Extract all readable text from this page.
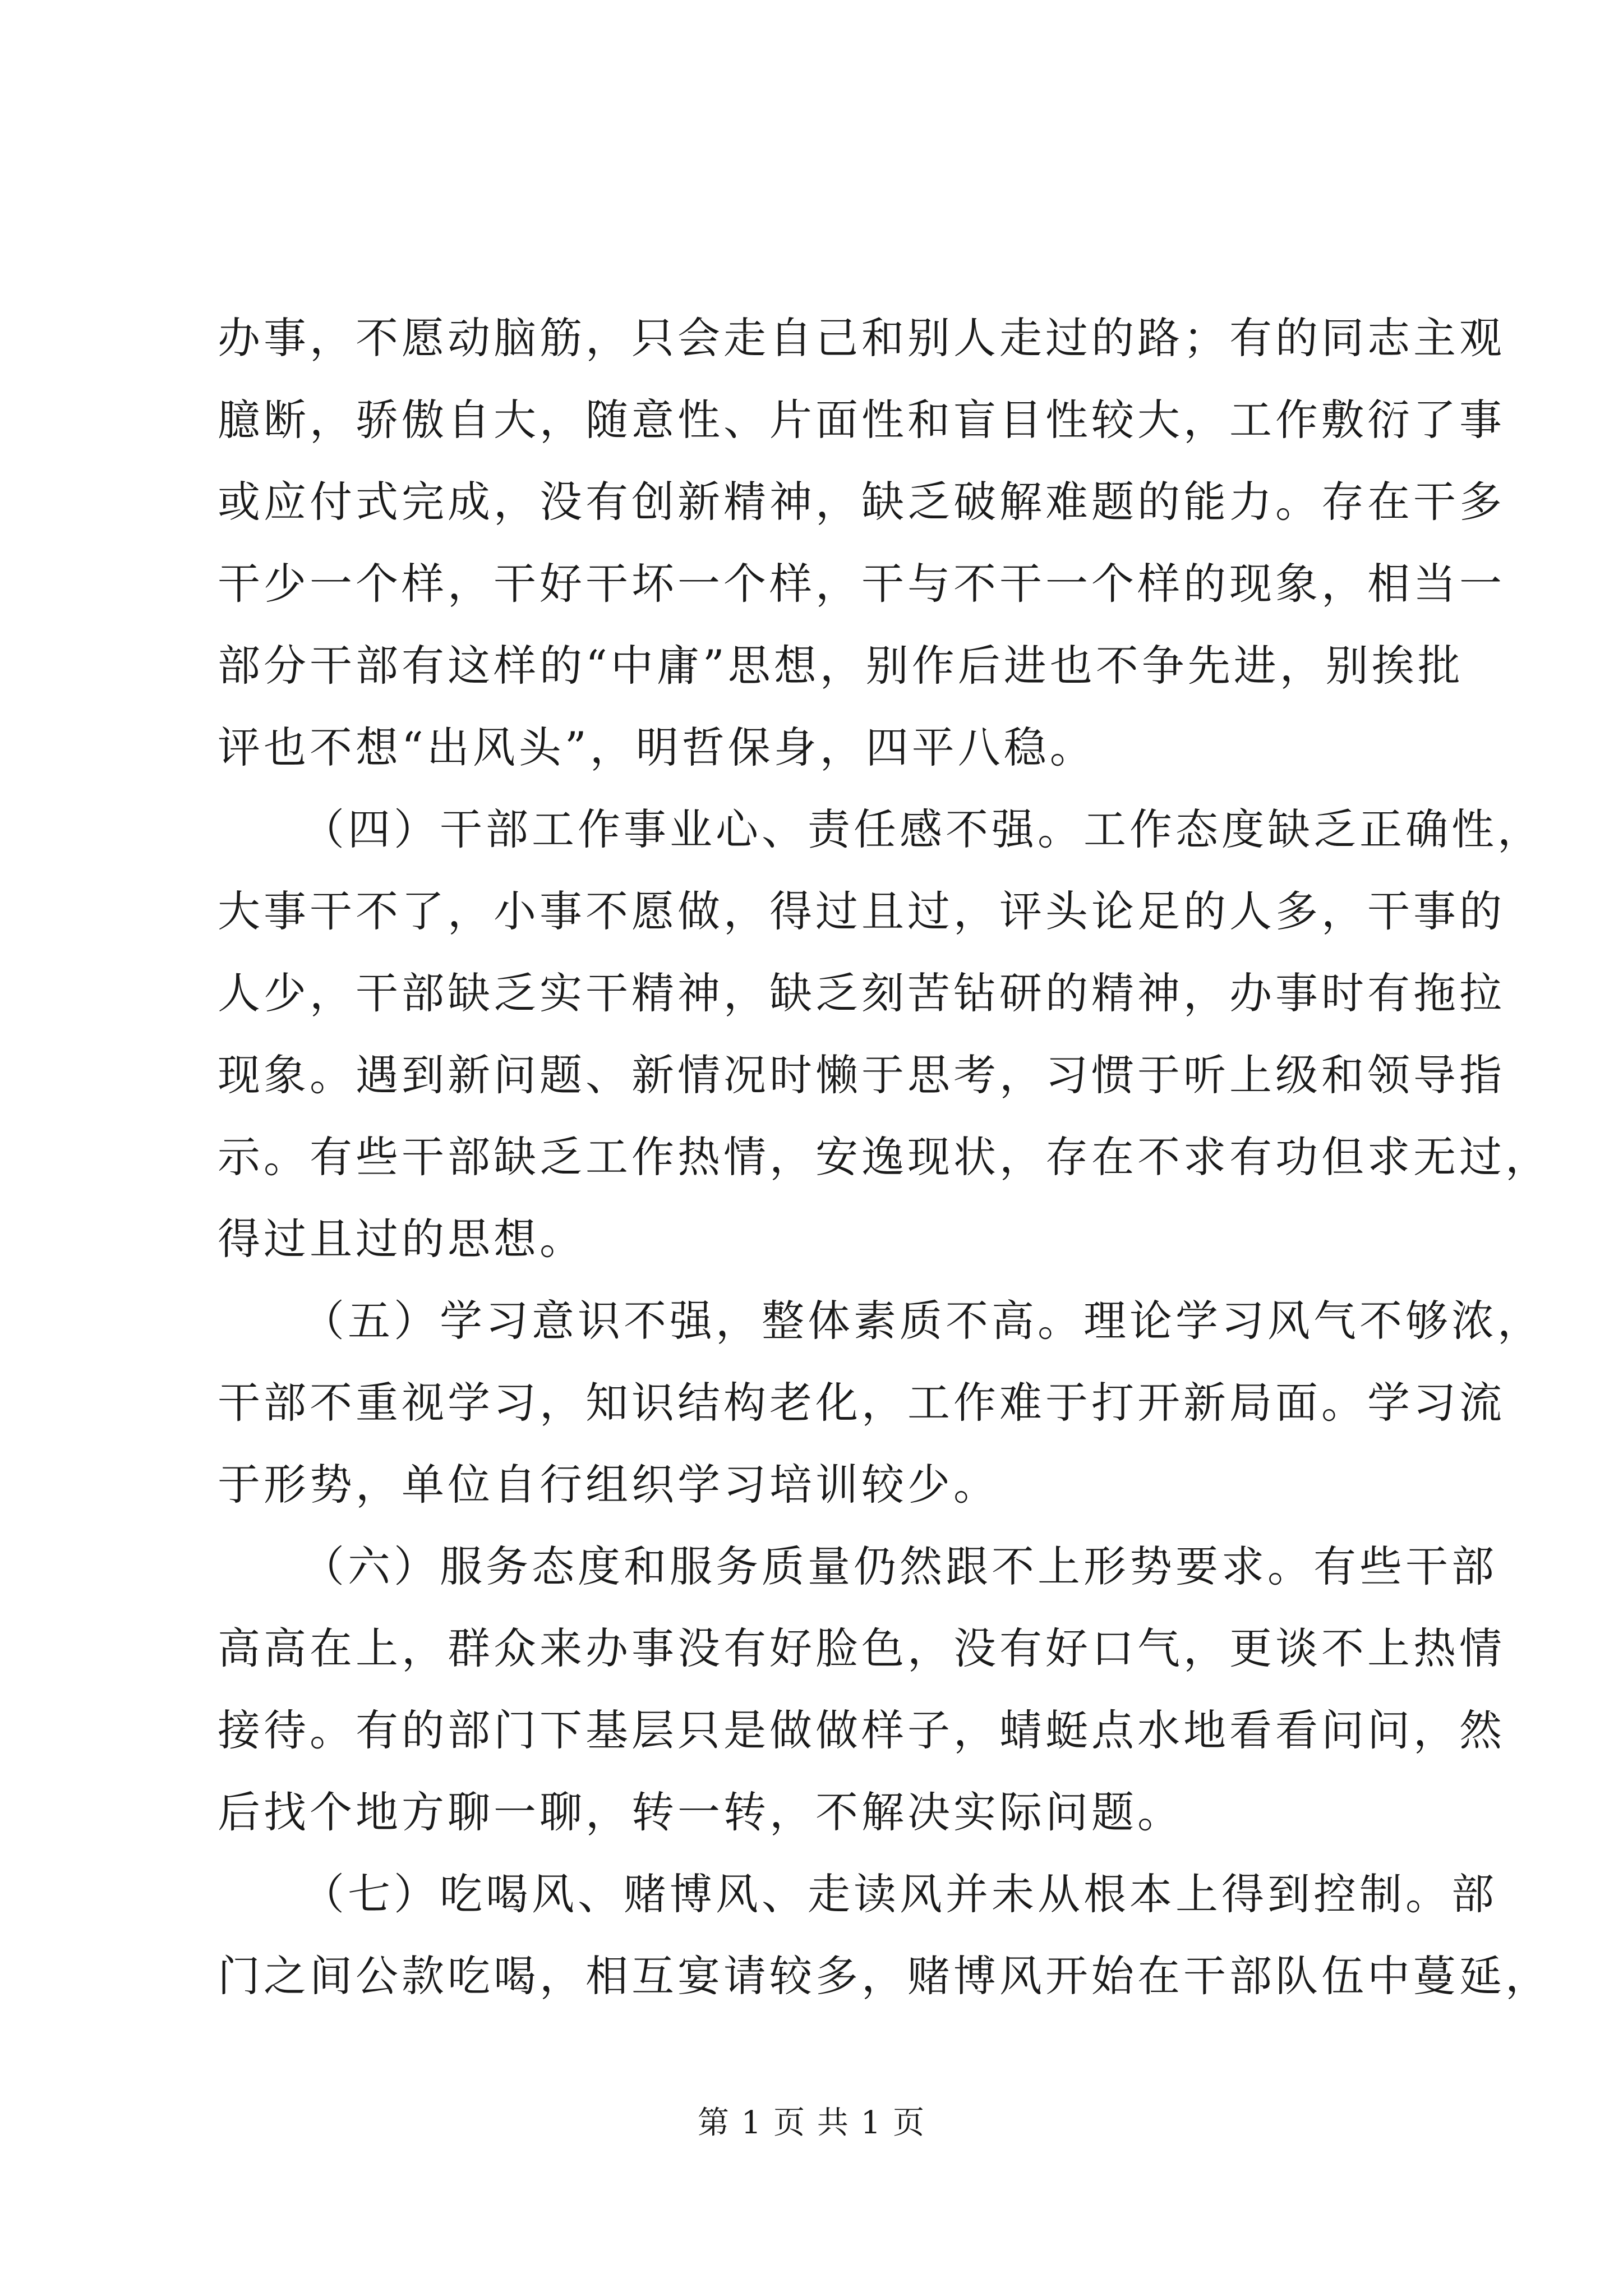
办事，不愿动脑筋，只会走自己和别人走过的路；有的同志主观
臆断，骄傲自大，随意性、片面性和盲目性较大，工作敷衍了事
或应付式完成，没有创新精神，缺乏破解难题的能力。存在干多
干少一个样，干好干坏一个样，干与不干一个样的现象，相当一
部分干部有这样的“中庸”思想，别作后进也不争先进，别挨批
评也不想“出风头”，明哲保身，四平八稳。
（四）干部工作事业心、责任感不强。工作态度缺乏正确性，
大事干不了，小事不愿做，得过且过，评头论足的人多，干事的
人少，干部缺乏实干精神，缺乏刻苦钻研的精神，办事时有拖拉
现象。遇到新问题、新情况时懒于思考，习惯于听上级和领导指
示。有些干部缺乏工作热情，安逸现状，存在不求有功但求无过，
得过且过的思想。
（五）学习意识不强，整体素质不高。理论学习风气不够浓，
干部不重视学习，知识结构老化，工作难于打开新局面。学习流
于形势，单位自行组织学习培训较少。
（六）服务态度和服务质量仍然跟不上形势要求。有些干部
高高在上，群众来办事没有好脸色，没有好口气，更谈不上热情
接待。有的部门下基层只是做做样子，蜻蜓点水地看看问问，然
后找个地方聊一聊，转一转，不解决实际问题。
（七）吃喝风、赌博风、走读风并未从根本上得到控制。部
门之间公款吃喝，相互宴请较多，赌博风开始在干部队伍中蔓延，
第 1 页 共 1 页
